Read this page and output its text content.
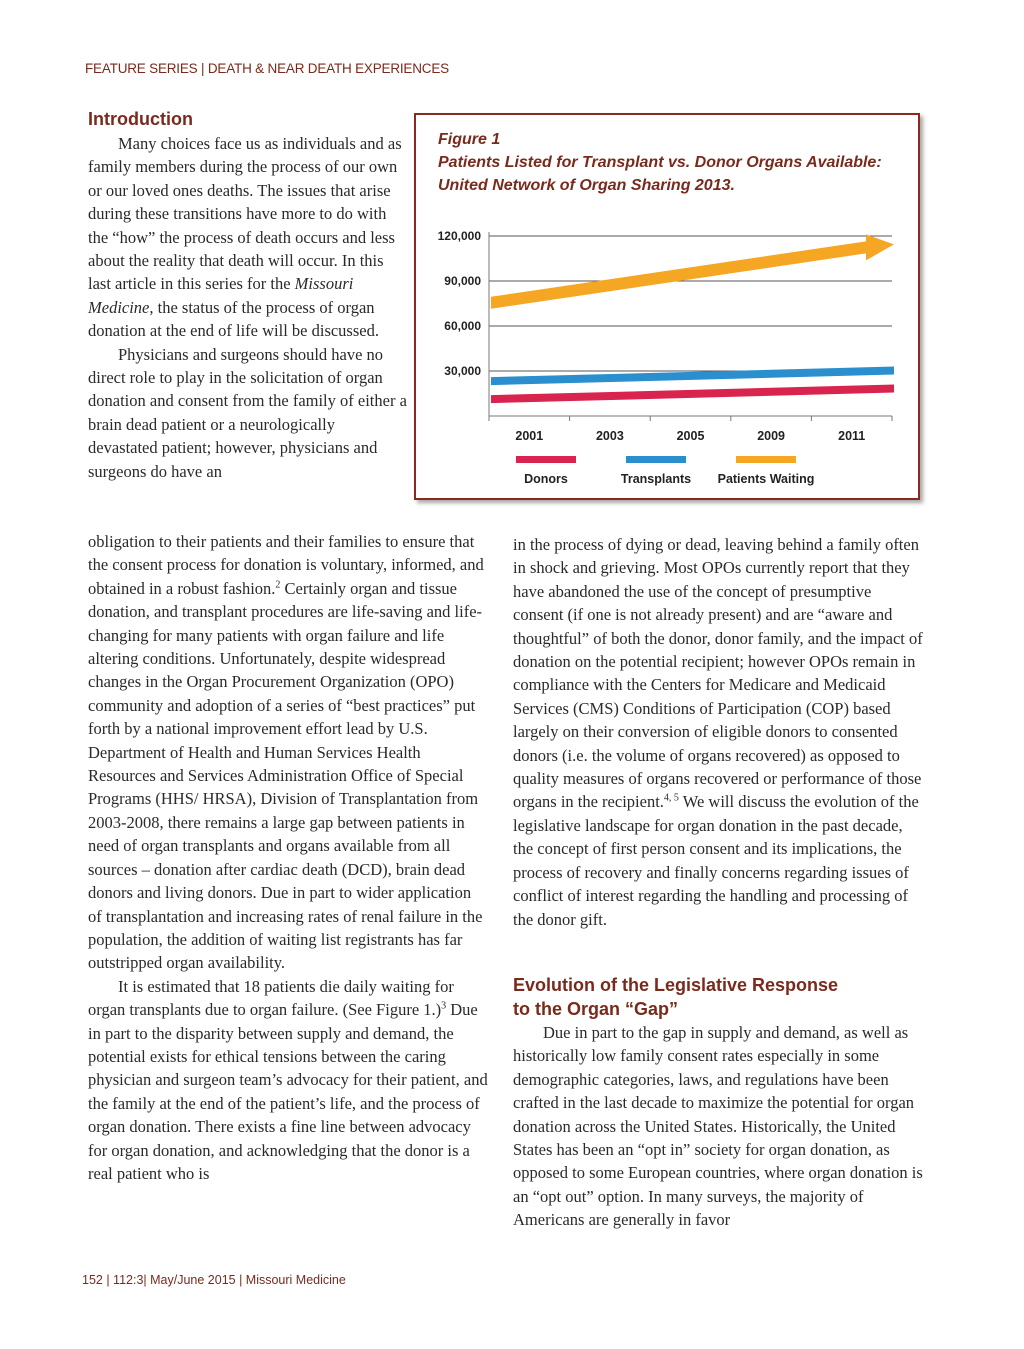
FEATURE SERIES | DEATH & NEAR DEATH EXPERIENCES
Introduction

Many choices face us as individuals and as family members during the process of our own or our loved ones deaths. The issues that arise during these transitions have more to do with the “how” the process of death occurs and less about the reality that death will occur. In this last article in this series for the Missouri Medicine, the status of the process of organ donation at the end of life will be discussed.

Physicians and surgeons should have no direct role to play in the solicitation of organ donation and consent from the family of either a brain dead patient or a neurologically devastated patient; however, physicians and surgeons do have an

obligation to their patients and their families to ensure that the consent process for donation is voluntary, informed, and obtained in a robust fashion.$^2$ Certainly organ and tissue donation, and transplant procedures are life-saving and life-changing for many patients with organ failure and life altering conditions. Unfortunately, despite widespread changes in the Organ Procurement Organization (OPO) community and adoption of a series of “best practices” put forth by a national improvement effort lead by U.S. Department of Health and Human Services Health Resources and Services Administration Office of Special Programs (HHS/ HRSA), Division of Transplantation from 2003-2008, there remains a large gap between patients in need of organ transplants and organs available from all sources – donation after cardiac death (DCD), brain dead donors and living donors. Due in part to wider application of transplantation and increasing rates of renal failure in the population, the addition of waiting list registrants has far outstripped organ availability.

It is estimated that 18 patients die daily waiting for organ transplants due to organ failure. (See Figure 1.)$^3$ Due in part to the disparity between supply and demand, the potential exists for ethical tensions between the caring physician and surgeon team’s advocacy for their patient, and the family at the end of the patient’s life, and the process of organ donation. There exists a fine line between advocacy for organ donation, and acknowledging that the donor is a real patient who is

in the process of dying or dead, leaving behind a family often in shock and grieving. Most OPOs currently report that they have abandoned the use of the concept of presumptive consent (if one is not already present) and are “aware and thoughtful” of both the donor, donor family, and the impact of donation on the potential recipient; however OPOs remain in compliance with the Centers for Medicare and Medicaid Services (CMS) Conditions of Participation (COP) based largely on their conversion of eligible donors to consented donors (i.e. the volume of organs recovered) as opposed to quality measures of organs recovered or performance of those organs in the recipient.$^{4, 5}$ We will discuss the evolution of the legislative landscape for organ donation in the past decade, the concept of first person consent and its implications, the process of recovery and finally concerns regarding issues of conflict of interest regarding the handling and processing of the donor gift.

Evolution of the Legislative Response
to the Organ “Gap”

Due in part to the gap in supply and demand, as well as historically low family consent rates especially in some demographic categories, laws, and regulations have been crafted in the last decade to maximize the potential for organ donation across the United States. Historically, the United States has been an “opt in” society for organ donation, as opposed to some European countries, where organ donation is an “opt out” option. In many surveys, the majority of Americans are generally in favor

Figure 1
Patients Listed for Transplant vs. Donor Organs Available:
United Network of Organ Sharing 2013.
120,000
90,000
60,000
30,000
2001	2003	2005	2009	2011
Donors	Transplants Patients Waiting
152 | 112:3| May/June 2015 | Missouri Medicine
